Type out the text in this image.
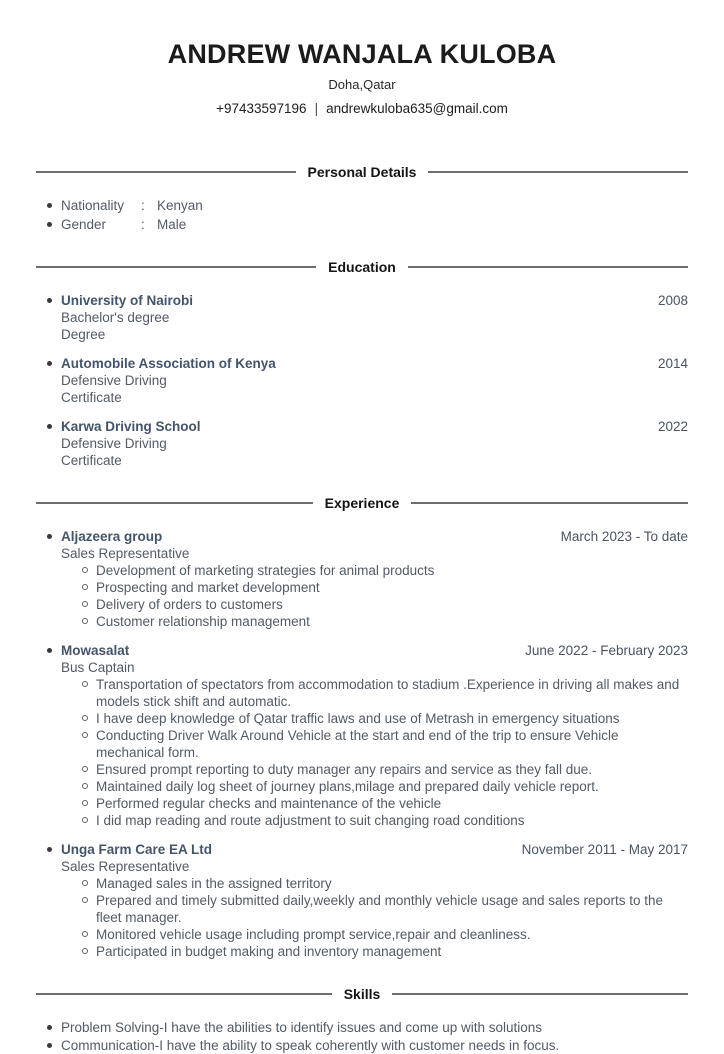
ANDREW WANJALA KULOBA
Doha,Qatar
+97433597196 | andrewkuloba635@gmail.com
Personal Details
Nationality : Kenyan
Gender	: Male
Education
University of Nairobi	2008
Bachelor's degree
Degree
Automobile Association of Kenya	2014
Defensive Driving
Certificate
Karwa Driving School	2022
Defensive Driving
Certificate
Experience
Aljazeera group	March 2023 - To date
Sales Representative
Development of marketing strategies for animal products
Prospecting and market development
Delivery of orders to customers
Customer relationship management
Mowasalat	June 2022 - February 2023
Bus Captain
Transportation of spectators from accommodation to stadium .Experience in driving all makes and models stick shift and automatic.
I have deep knowledge of Qatar traffic laws and use of Metrash in emergency situations
Conducting Driver Walk Around Vehicle at the start and end of the trip to ensure Vehicle mechanical form.
Ensured prompt reporting to duty manager any repairs and service as they fall due.
Maintained daily log sheet of journey plans,milage and prepared daily vehicle report.
Performed regular checks and maintenance of the vehicle
I did map reading and route adjustment to suit changing road conditions
Unga Farm Care EA Ltd	November 2011 - May 2017
Sales Representative
Managed sales in the assigned territory
Prepared and timely submitted daily,weekly and monthly vehicle usage and sales reports to the fleet manager.
Monitored vehicle usage including prompt service,repair and cleanliness.
Participated in budget making and inventory management
Skills
Problem Solving-I have the abilities to identify issues and come up with solutions
Communication-I have the ability to speak coherently with customer needs in focus.
